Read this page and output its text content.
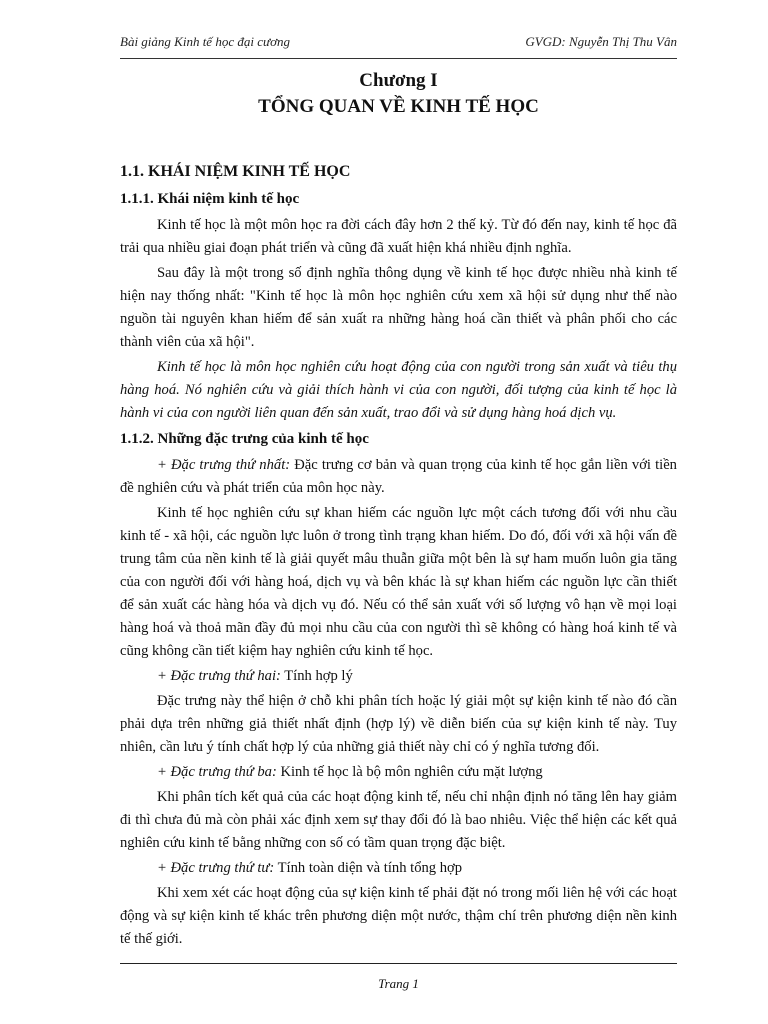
Bài giảng Kinh tế học đại cương	GVGD: Nguyễn Thị Thu Vân
Chương I
TỔNG QUAN VỀ KINH TẾ HỌC
1.1. KHÁI NIỆM KINH TẾ HỌC
1.1.1. Khái niệm kinh tế học

Kinh tế học là một môn học ra đời cách đây hơn 2 thế kỷ. Từ đó đến nay, kinh tế học đã trải qua nhiều giai đoạn phát triển và cũng đã xuất hiện khá nhiều định nghĩa.

Sau đây là một trong số định nghĩa thông dụng về kinh tế học được nhiều nhà kinh tế hiện nay thống nhất: "Kinh tế học là môn học nghiên cứu xem xã hội sử dụng như thế nào nguồn tài nguyên khan hiếm để sản xuất ra những hàng hoá cần thiết và phân phối cho các thành viên của xã hội".

Kinh tế học là môn học nghiên cứu hoạt động của con người trong sản xuất và tiêu thụ hàng hoá. Nó nghiên cứu và giải thích hành vi của con người, đối tượng của kinh tế học là hành vi của con người liên quan đến sản xuất, trao đổi và sử dụng hàng hoá dịch vụ.

1.1.2. Những đặc trưng của kinh tế học

+ Đặc trưng thứ nhất: Đặc trưng cơ bản và quan trọng của kinh tế học gắn liền với tiền đề nghiên cứu và phát triển của môn học này.

Kinh tế học nghiên cứu sự khan hiếm các nguồn lực một cách tương đối với nhu cầu kinh tế - xã hội, các nguồn lực luôn ở trong tình trạng khan hiếm. Do đó, đối với xã hội vấn đề trung tâm của nền kinh tế là giải quyết mâu thuẫn giữa một bên là sự ham muốn luôn gia tăng của con người đối với hàng hoá, dịch vụ và bên khác là sự khan hiếm các nguồn lực cần thiết để sản xuất các hàng hóa và dịch vụ đó. Nếu có thể sản xuất với số lượng vô hạn về mọi loại hàng hoá và thoả mãn đầy đủ mọi nhu cầu của con người thì sẽ không có hàng hoá kinh tế và cũng không cần tiết kiệm hay nghiên cứu kinh tế học.

+ Đặc trưng thứ hai: Tính hợp lý

Đặc trưng này thể hiện ở chỗ khi phân tích hoặc lý giải một sự kiện kinh tế nào đó cần phải dựa trên những giả thiết nhất định (hợp lý) về diễn biến của sự kiện kinh tế này. Tuy nhiên, cần lưu ý tính chất hợp lý của những giả thiết này chỉ có ý nghĩa tương đối.

+ Đặc trưng thứ ba: Kinh tế học là bộ môn nghiên cứu mặt lượng

Khi phân tích kết quả của các hoạt động kinh tế, nếu chỉ nhận định nó tăng lên hay giảm đi thì chưa đủ mà còn phải xác định xem sự thay đổi đó là bao nhiêu. Việc thể hiện các kết quả nghiên cứu kinh tế bằng những con số có tầm quan trọng đặc biệt.

+ Đặc trưng thứ tư: Tính toàn diện và tính tổng hợp

Khi xem xét các hoạt động của sự kiện kinh tế phải đặt nó trong mối liên hệ với các hoạt động và sự kiện kinh tế khác trên phương diện một nước, thậm chí trên phương diện nền kinh tế thế giới.

Trang 1
